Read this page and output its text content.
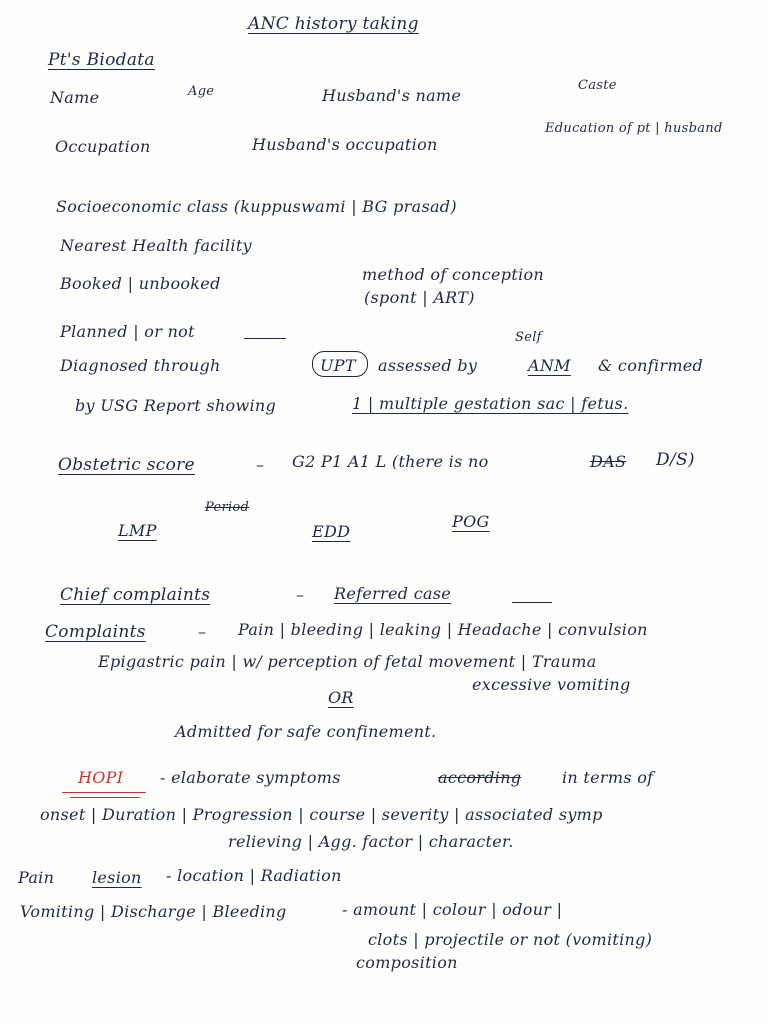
ANC history taking
Pt's Biodata
Name	Age	Husband's name
Caste
Occupation	Husband's occupation
Education of pt | husband
Socioeconomic class (kuppuswami | BG prasad)
Nearest Health facility
Booked | unbooked	method of conception
(spont | ART)
Planned | or not	Self
Diagnosed through	UPT assessed by	ANM & confirmed
by USG Report showing	1 | multiple gestation sac | fetus.
Obstetric score	– G2 P1 A1 L (there is no	DAS D/S)
Period
LMP	EDD
POG
Chief complaints	– Referred case
Complaints	– Pain | bleeding | leaking | Headache | convulsion
Epigastric pain | w/ perception of fetal movement | Trauma
excessive vomiting
OR
Admitted for safe confinement.
HOPI - elaborate symptoms	according	in terms of
onset | Duration | Progression | course | severity | associated symp
relieving | Agg. factor | character.
Pain lesion - location | Radiation
Vomiting | Discharge | Bleeding	- amount | colour | odour |
clots | projectile or not (vomiting)
composition
